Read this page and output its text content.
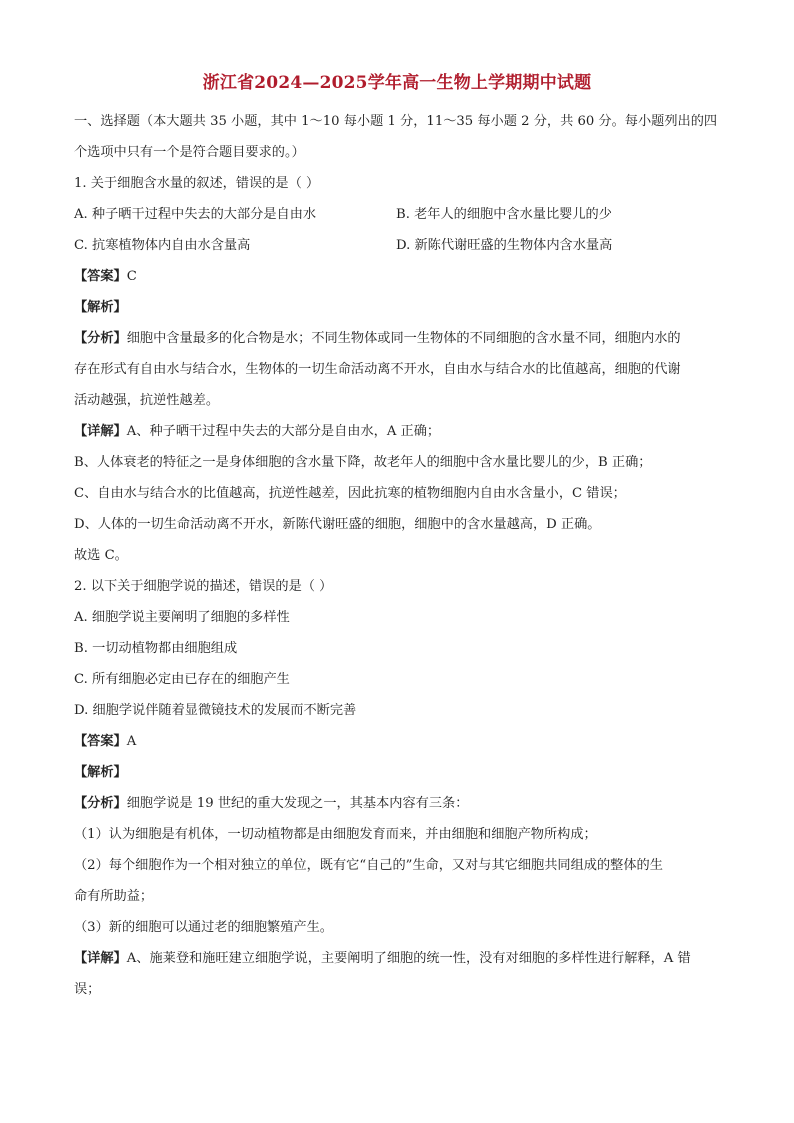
浙江省2024—2025学年高一生物上学期期中试题

一、选择题（本大题共 35 小题，其中 1～10 每小题 1 分，11～35 每小题 2 分，共 60 分。每小题列出的四

个选项中只有一个是符合题目要求的。）

1. 关于细胞含水量的叙述，错误的是（ ）

A. 种子晒干过程中失去的大部分是自由水	B. 老年人的细胞中含水量比婴儿的少
C. 抗寒植物体内自由水含量高	D. 新陈代谢旺盛的生物体内含水量高

【答案】C

【解析】

【分析】细胞中含量最多的化合物是水；不同生物体或同一生物体的不同细胞的含水量不同，细胞内水的

存在形式有自由水与结合水，生物体的一切生命活动离不开水，自由水与结合水的比值越高，细胞的代谢

活动越强，抗逆性越差。

【详解】A、种子晒干过程中失去的大部分是自由水，A 正确；

B、人体衰老的特征之一是身体细胞的含水量下降，故老年人的细胞中含水量比婴儿的少，B 正确；

C、自由水与结合水的比值越高，抗逆性越差，因此抗寒的植物细胞内自由水含量小，C 错误；

D、人体的一切生命活动离不开水，新陈代谢旺盛的细胞，细胞中的含水量越高，D 正确。

故选 C。

2. 以下关于细胞学说的描述，错误的是（ ）

A. 细胞学说主要阐明了细胞的多样性

B. 一切动植物都由细胞组成

C. 所有细胞必定由已存在的细胞产生

D. 细胞学说伴随着显微镜技术的发展而不断完善

【答案】A

【解析】

【分析】细胞学说是 19 世纪的重大发现之一，其基本内容有三条：

（1）认为细胞是有机体，一切动植物都是由细胞发育而来，并由细胞和细胞产物所构成；

（2）每个细胞作为一个相对独立的单位，既有它“自己的”生命，又对与其它细胞共同组成的整体的生

命有所助益；

（3）新的细胞可以通过老的细胞繁殖产生。

【详解】A、施莱登和施旺建立细胞学说，主要阐明了细胞的统一性，没有对细胞的多样性进行解释，A 错

误；
